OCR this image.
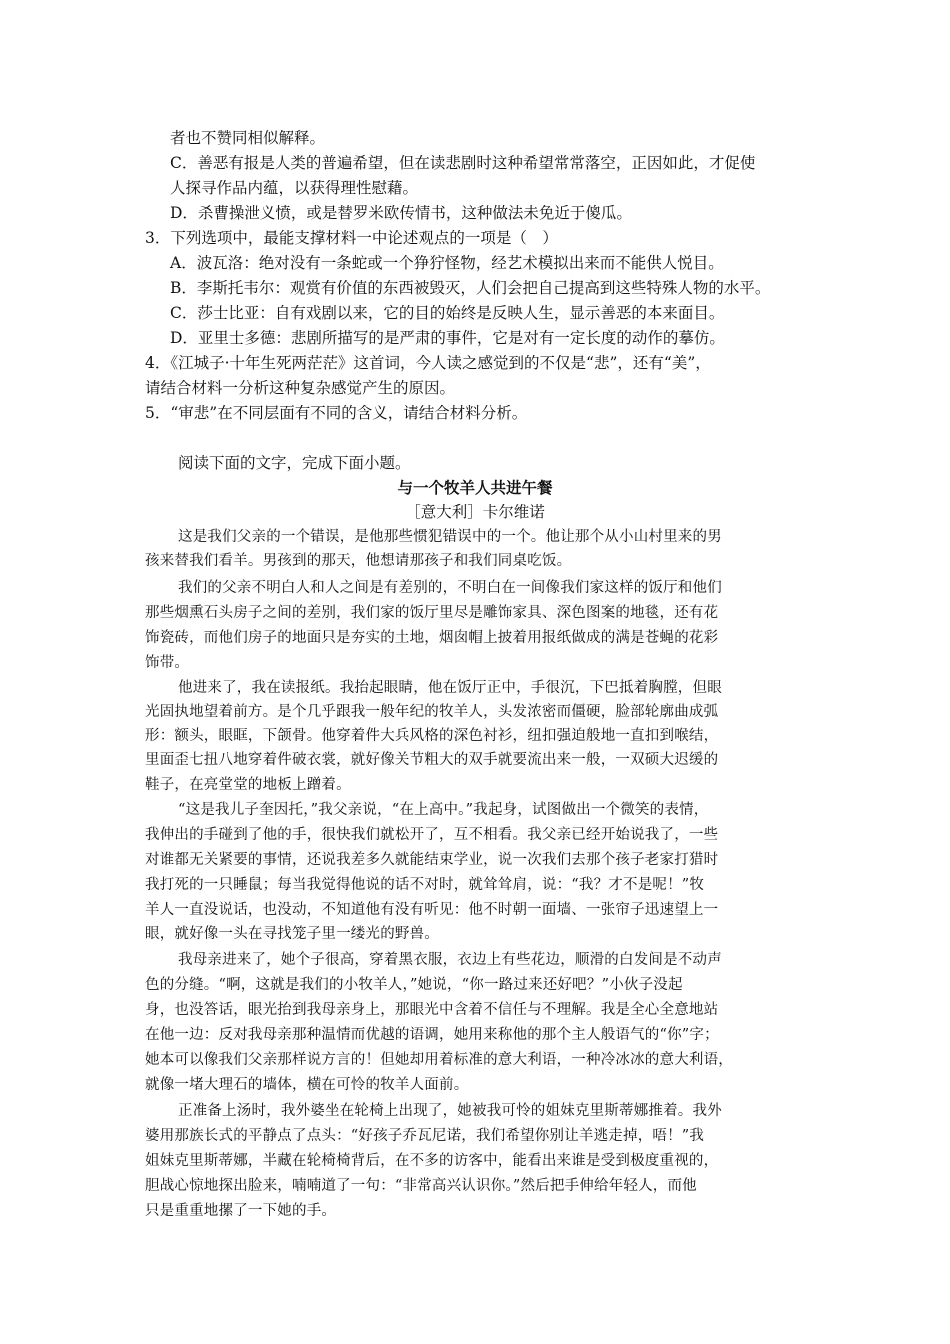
者也不赞同相似解释。
C．善恶有报是人类的普遍希望，但在读悲剧时这种希望常常落空，正因如此，才促使
人探寻作品内蕴，以获得理性慰藉。
D．杀曹操泄义愤，或是替罗米欧传情书，这种做法未免近于傻瓜。
3．下列选项中，最能支撑材料一中论述观点的一项是（　）
A．波瓦洛：绝对没有一条蛇或一个狰狞怪物，经艺术模拟出来而不能供人悦目。
B．李斯托韦尔：观赏有价值的东西被毁灭，人们会把自己提高到这些特殊人物的水平。
C．莎士比亚：自有戏剧以来，它的目的始终是反映人生，显示善恶的本来面目。
D．亚里士多德：悲剧所描写的是严肃的事件，它是对有一定长度的动作的摹仿。
4．《江城子·十年生死两茫茫》这首词，今人读之感觉到的不仅是“悲”，还有“美”，
请结合材料一分析这种复杂感觉产生的原因。
5．“审悲”在不同层面有不同的含义，请结合材料分析。
阅读下面的文字，完成下面小题。
与一个牧羊人共进午餐
［意大利］卡尔维诺
这是我们父亲的一个错误，是他那些惯犯错误中的一个。他让那个从小山村里来的男
孩来替我们看羊。男孩到的那天，他想请那孩子和我们同桌吃饭。
我们的父亲不明白人和人之间是有差别的，不明白在一间像我们家这样的饭厅和他们
那些烟熏石头房子之间的差别，我们家的饭厅里尽是雕饰家具、深色图案的地毯，还有花
饰瓷砖，而他们房子的地面只是夯实的土地，烟囱帽上披着用报纸做成的满是苍蝇的花彩
饰带。
他进来了，我在读报纸。我抬起眼睛，他在饭厅正中，手很沉，下巴抵着胸膛，但眼
光固执地望着前方。是个几乎跟我一般年纪的牧羊人，头发浓密而僵硬，脸部轮廓曲成弧
形：额头，眼眶，下颌骨。他穿着件大兵风格的深色衬衫，纽扣强迫般地一直扣到喉结，
里面歪七扭八地穿着件破衣裳，就好像关节粗大的双手就要流出来一般，一双硕大迟缓的
鞋子，在亮堂堂的地板上蹭着。
“这是我儿子奎因托，”我父亲说，“在上高中。”我起身，试图做出一个微笑的表情，
我伸出的手碰到了他的手，很快我们就松开了，互不相看。我父亲已经开始说我了，一些
对谁都无关紧要的事情，还说我差多久就能结束学业，说一次我们去那个孩子老家打猎时
我打死的一只睡鼠；每当我觉得他说的话不对时，就耸耸肩，说：“我？才不是呢！”牧
羊人一直没说话，也没动，不知道他有没有听见：他不时朝一面墙、一张帘子迅速望上一
眼，就好像一头在寻找笼子里一缕光的野兽。
我母亲进来了，她个子很高，穿着黑衣服，衣边上有些花边，顺滑的白发间是不动声
色的分缝。“啊，这就是我们的小牧羊人，”她说，“你一路过来还好吧？”小伙子没起
身，也没答话，眼光抬到我母亲身上，那眼光中含着不信任与不理解。我是全心全意地站
在他一边：反对我母亲那种温情而优越的语调，她用来称他的那个主人般语气的“你”字；
她本可以像我们父亲那样说方言的！但她却用着标准的意大利语，一种冷冰冰的意大利语，
就像一堵大理石的墙体，横在可怜的牧羊人面前。
正准备上汤时，我外婆坐在轮椅上出现了，她被我可怜的姐妹克里斯蒂娜推着。我外
婆用那族长式的平静点了点头：“好孩子乔瓦尼诺，我们希望你别让羊逃走掉，唔！”我
姐妹克里斯蒂娜，半藏在轮椅椅背后，在不多的访客中，能看出来谁是受到极度重视的，
胆战心惊地探出脸来，喃喃道了一句：“非常高兴认识你。”然后把手伸给年轻人，而他
只是重重地摞了一下她的手。
